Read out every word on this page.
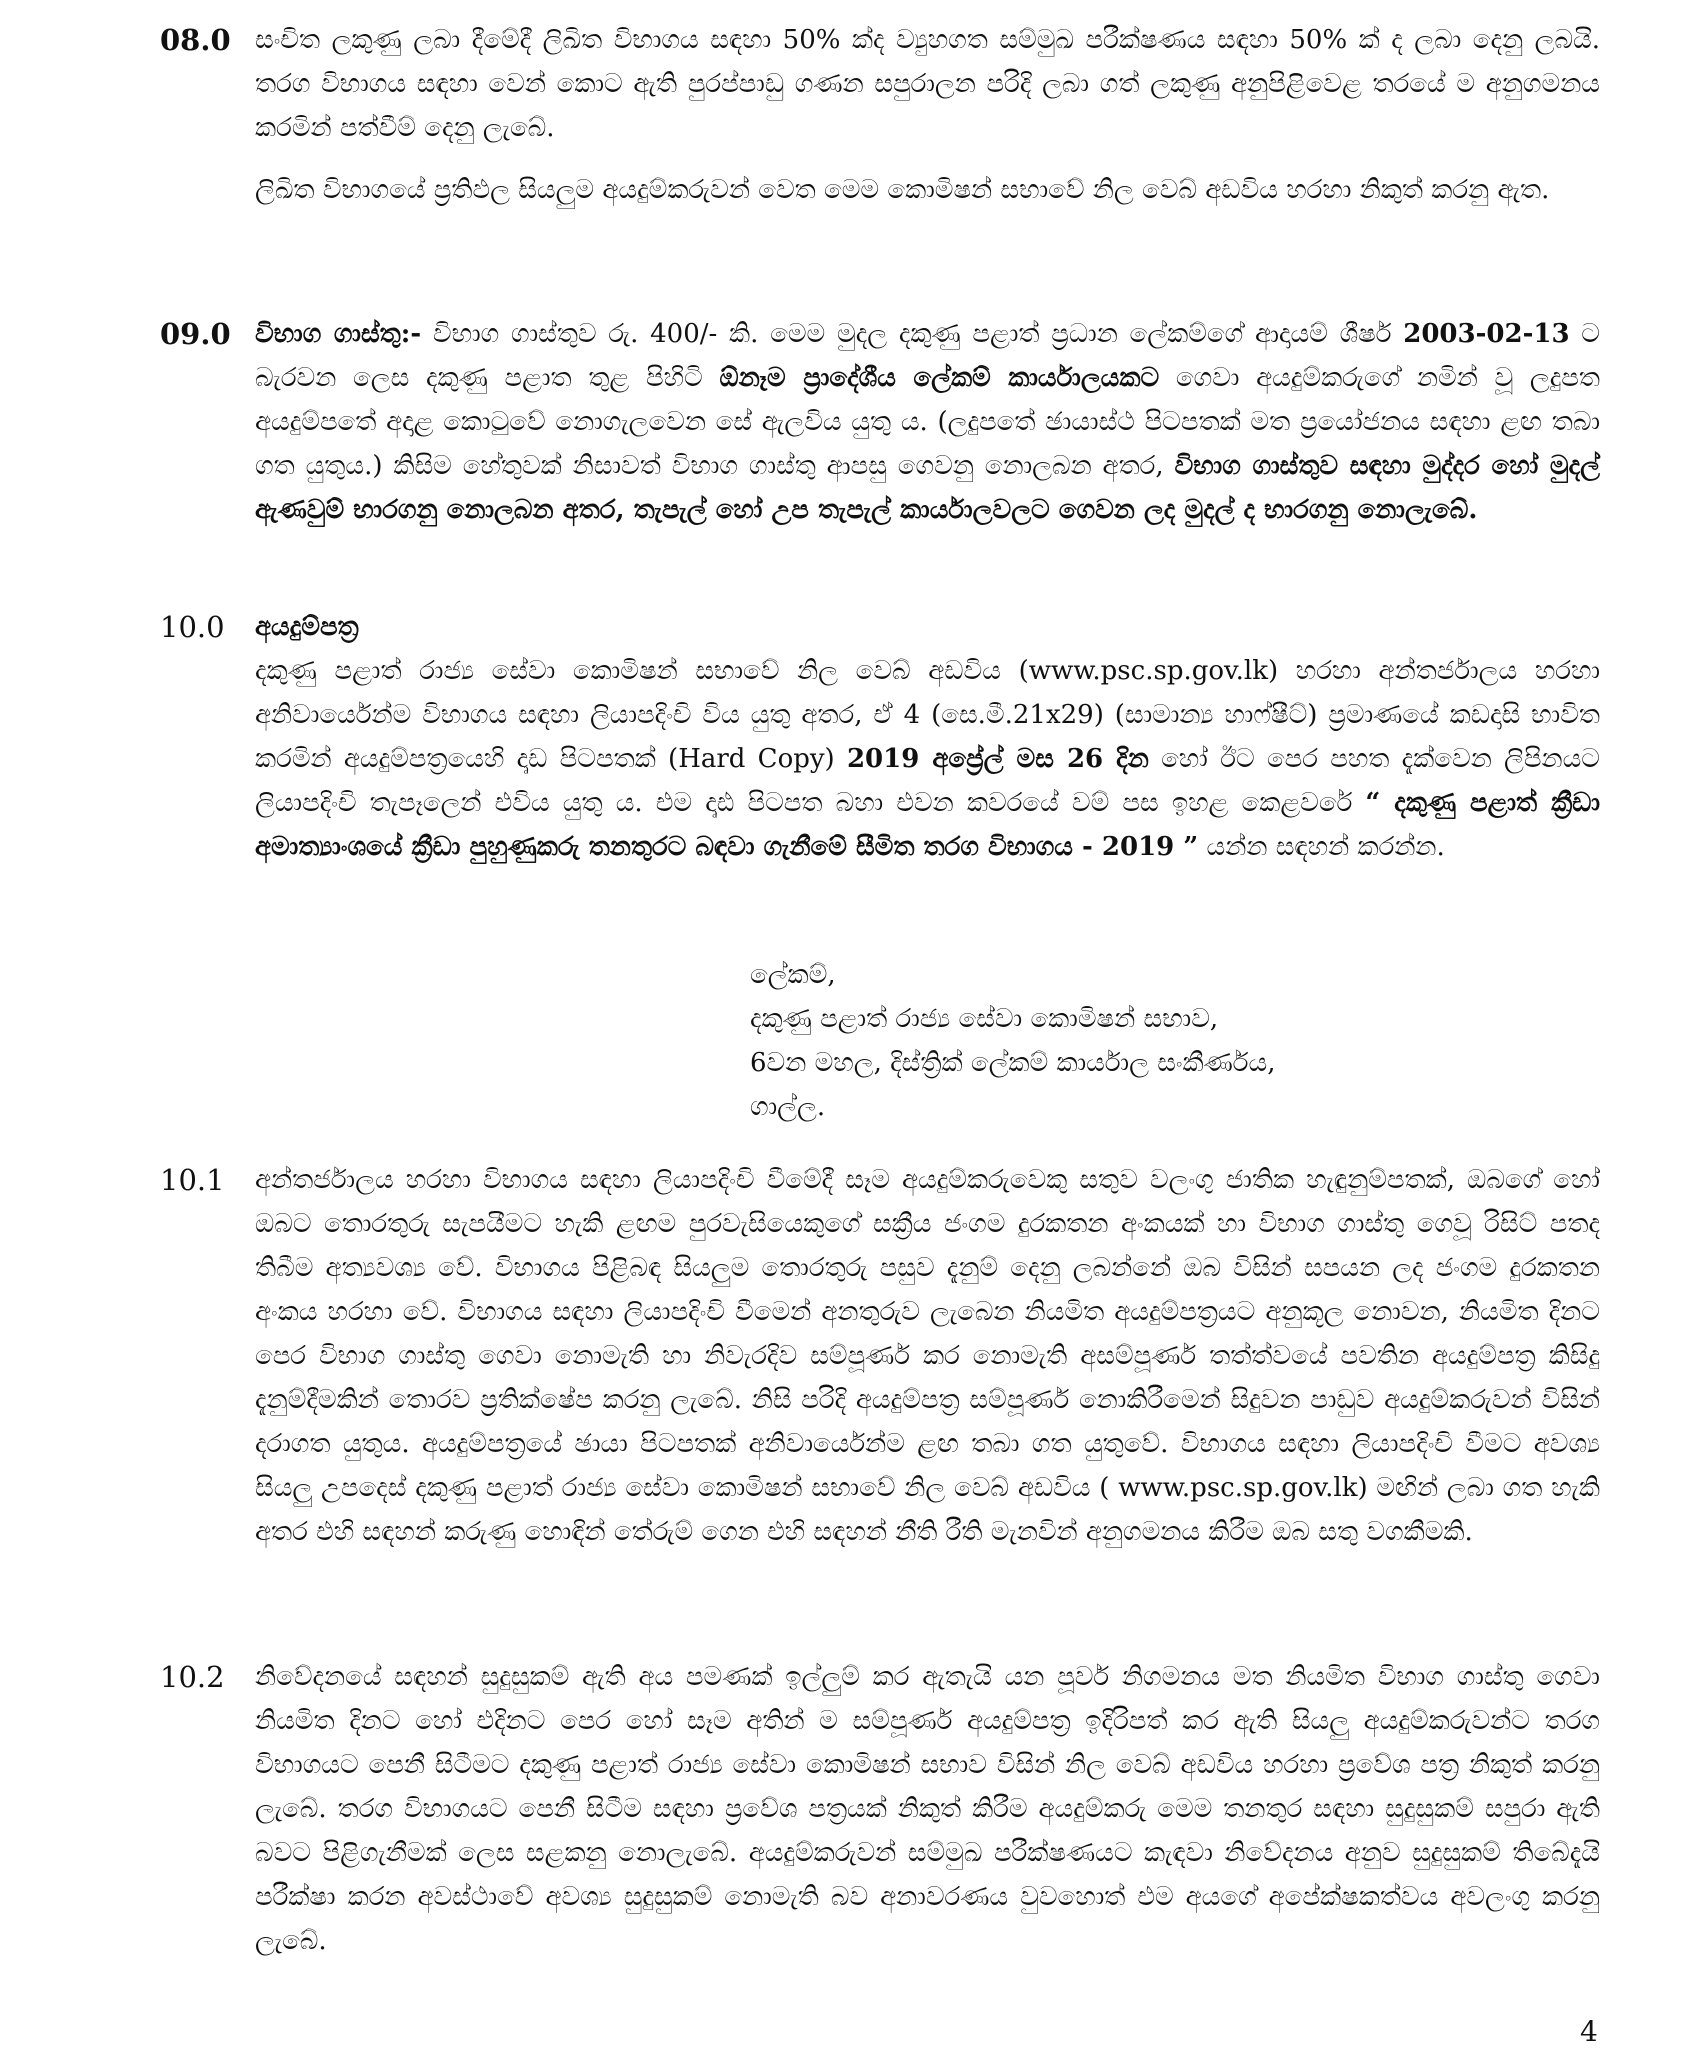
08.0 සංචිත ලකුණු ලබා දීමේදී ලිඛිත විභාගය සඳහා 50% ක්ද ව්‍යුහගත සම්මුඛ පරීක්ෂණය සඳහා 50% ක් ද ලබා දෙනු ලබයි. තරග විභාගය සඳහා වෙන් කොට ඇති පුරප්පාඩු ගණන සපුරාලන පරිදි ලබා ගත් ලකුණු අනුපිළිවෙළ තරයේ ම අනුගමනය කරමින් පත්වීම් දෙනු ලැබේ.

ලිඛිත විභාගයේ ප්‍රතිඵල සියලුම අයදුම්කරුවන් වෙත මෙම කොමිෂන් සභාවේ නිල වෙබ් අඩවිය හරහා නිකුත් කරනු ඇත.

09.0 විභාග ගාස්තු:- විභාග ගාස්තුව රු. 400/- කි. මෙම මුදල දකුණු පළාත් ප්‍රධාන ලේකම්ගේ ආදායම් ශීර්ෂ 2003-02-13 ට බැරවන ලෙස දකුණු පළාත තුළ පිහිටි ඕනෑම ප්‍රාදේශීය ලේකම් කාර්යාලයකට ගෙවා අයදුම්කරුගේ නමින් වූ ලදුපත අයදුම්පතේ අදාළ කොටුවේ නොගැලවෙන සේ ඇලවිය යුතු ය. (ලදුපතේ ඡායාස්ථ පිටපතක් මත ප්‍රයෝජනය සඳහා ළඟ තබා ගත යුතුය.) කිසිම හේතුවක් නිසාවත් විභාග ගාස්තු ආපසු ගෙවනු නොලබන අතර, විභාග ගාස්තුව සඳහා මුද්දර හෝ මුදල් ඇණවුම් භාරගනු නොලබන අතර, තැපැල් හෝ උප තැපැල් කාර්යාලවලට ගෙවන ලද මුදල් ද භාරගනු නොලැබේ.

10.0 අයදුම්පත්‍ර

දකුණු පළාත් රාජ්‍ය සේවා කොමිෂන් සභාවේ නිල වෙබ් අඩවිය (www.psc.sp.gov.lk) හරහා අන්තර්ජාලය හරහා අනිවාර්යෙන්ම විභාගය සඳහා ලියාපදිංචි විය යුතු අතර, ඒ 4 (සෙ.මී.21x29) (සාමාන්‍ය හාෆ්ෂීට්) ප්‍රමාණයේ කඩදාසි භාවිත කරමින් අයදුම්පත්‍රයෙහි දෘඩ පිටපතක් (Hard Copy) 2019 අප්‍රේල් මස 26 දින හෝ ඊට පෙර පහත දැක්වෙන ලිපිනයට ලියාපදිංචි තැපෑලෙන් එවිය යුතු ය. එම දෘඪ පිටපත බහා එවන කවරයේ වම් පස ඉහළ කෙළවරේ “ දකුණු පළාත් ක්‍රීඩා අමාත්‍යාංශයේ ක්‍රීඩා පුහුණුකරු තනතුරට බඳවා ගැනීමේ සීමිත තරග විභාගය - 2019 ” යන්න සඳහන් කරන්න.

ලේකම්,
දකුණු පළාත් රාජ්‍ය සේවා කොමිෂන් සභාව,
6වන මහල, දිස්ත්‍රික් ලේකම් කාර්යාල සංකීර්ණය,
ගාල්ල.
10.1 අන්තර්ජාලය හරහා විභාගය සඳහා ලියාපදිංචි වීමේදී සෑම අයදුම්කරුවෙකු සතුව වලංගු ජාතික හැඳුනුම්පතක්, ඔබගේ හෝ ඔබට තොරතුරු සැපයීමට හැකි ළඟම පුරවැසියෙකුගේ සක්‍රීය ජංගම දුරකතන අංකයක් හා විභාග ගාස්තු ගෙවූ රිසිට් පතද තිබීම අත්‍යවශ්‍ය වේ. විභාගය පිළිබඳ සියලුම තොරතුරු පසුව දැනුම් දෙනු ලබන්නේ ඔබ විසින් සපයන ලද ජංගම දුරකතන අංකය හරහා වේ. විභාගය සඳහා ලියාපදිංචි වීමෙන් අනතුරුව ලැබෙන නියමිත අයදුම්පත්‍රයට අනුකූල නොවන, නියමිත දිනට පෙර විභාග ගාස්තු ගෙවා නොමැති හා නිවැරදිව සම්පූර්ණ කර නොමැති අසම්පූර්ණ තත්ත්වයේ පවතින අයදුම්පත්‍ර කිසිදු දැනුම්දීමකින් තොරව ප්‍රතික්ෂේප කරනු ලැබේ. නිසි පරිදි අයදුම්පත්‍ර සම්පූර්ණ නොකිරීමෙන් සිදුවන පාඩුව අයදුම්කරුවන් විසින් දරාගත යුතුය. අයදුම්පත්‍රයේ ඡායා පිටපතක් අනිවාර්යෙන්ම ළඟ තබා ගත යුතුවේ. විභාගය සඳහා ලියාපදිංචි වීමට අවශ්‍ය සියලු උපදෙස් දකුණු පළාත් රාජ්‍ය සේවා කොමිෂන් සභාවේ නිල වෙබ් අඩවිය ( www.psc.sp.gov.lk) මඟින් ලබා ගත හැකි අතර එහි සඳහන් කරුණු හොඳින් තේරුම් ගෙන එහි සඳහන් නීති රීති මැනවින් අනුගමනය කිරීම ඔබ සතු වගකීමකි.

10.2 නිවේදනයේ සඳහන් සුදුසුකම් ඇති අය පමණක් ඉල්ලුම් කර ඇතැයි යන පූර්ව නිගමනය මත නියමිත විභාග ගාස්තු ගෙවා නියමිත දිනට හෝ එදිනට පෙර හෝ සෑම අතින් ම සම්පූර්ණ අයදුම්පත්‍ර ඉදිරිපත් කර ඇති සියලු අයදුම්කරුවන්ට තරග විභාගයට පෙනී සිටීමට දකුණු පළාත් රාජ්‍ය සේවා කොමිෂන් සභාව විසින් නිල වෙබ් අඩවිය හරහා ප්‍රවේශ පත්‍ර නිකුත් කරනු ලැබේ. තරග විභාගයට පෙනී සිටීම සඳහා ප්‍රවේශ පත්‍රයක් නිකුත් කිරීම අයදුම්කරු මෙම තනතුර සඳහා සුදුසුකම් සපුරා ඇති බවට පිළිගැනීමක් ලෙස සළකනු නොලැබේ. අයදුම්කරුවන් සම්මුඛ පරීක්ෂණයට කැඳවා නිවේදනය අනුව සුදුසුකම් තිබේදැයි පරීක්ෂා කරන අවස්ථාවේ අවශ්‍ය සුදුසුකම් නොමැති බව අනාවරණය වුවහොත් එම අයගේ අපේක්ෂකත්වය අවලංගු කරනු ලැබේ.

4
